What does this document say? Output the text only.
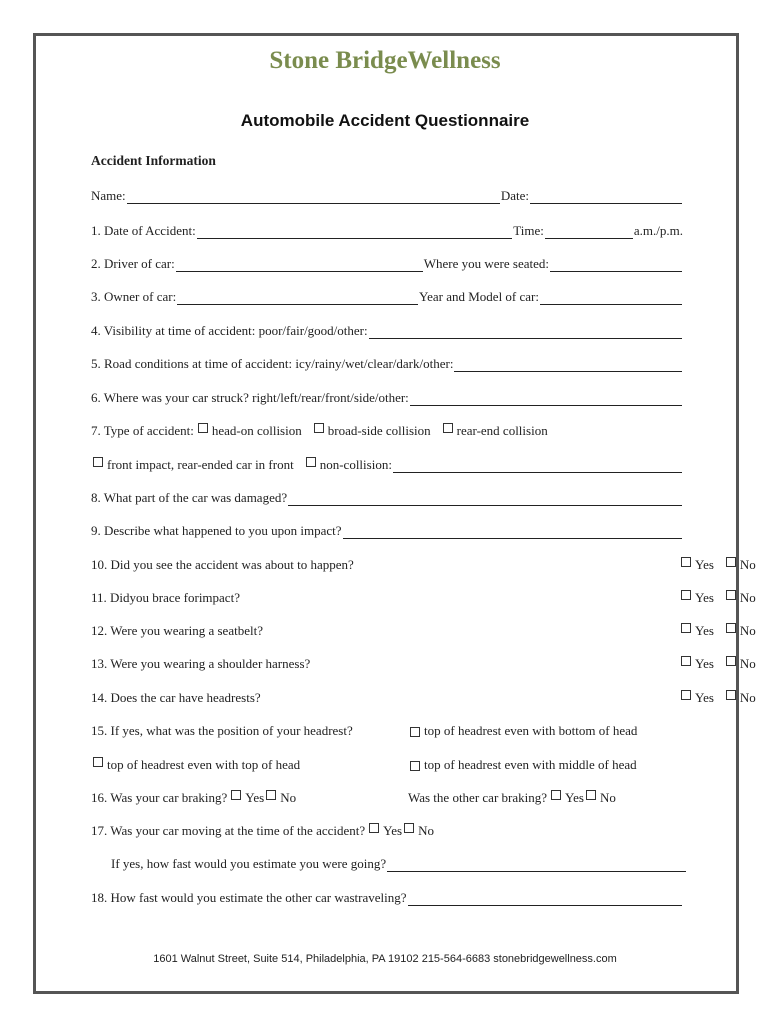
Stone BridgeWellness
Automobile Accident Questionnaire
Accident Information
Name:	Date:
1. Date of Accident:	Time:	a.m./p.m.
2. Driver of car:	Where you were seated:
3. Owner of car:	Year and Model of car:
4. Visibility at time of accident: poor/fair/good/other:
5. Road conditions at time of accident: icy/rainy/wet/clear/dark/other:
6. Where was your car struck? right/left/rear/front/side/other:
7. Type of accident:	head-on collision	broad-side collision	rear-end collision
front impact, rear-ended car in front	non-collision:
8. What part of the car was damaged?
9. Describe what happened to you upon impact?
10. Did you see the accident was about to happen?	Yes	No
11. Didyou brace forimpact?	Yes	No
12. Were you wearing a seatbelt?	Yes	No
13. Were you wearing a shoulder harness?	Yes	No
14. Does the car have headrests?	Yes	No
15. If yes, what was the position of your headrest?	top of headrest even with bottom of head
top of headrest even with top of head	top of headrest even with middle of head
16. Was your car braking?	Yes	No	Was the other car braking?	Yes	No
17. Was your car moving at the time of the accident?	Yes	No
If yes, how fast would you estimate you were going?
18. How fast would you estimate the other car wastraveling?
1601 Walnut Street, Suite 514, Philadelphia, PA 19102 215-564-6683 stonebridgewellness.com
